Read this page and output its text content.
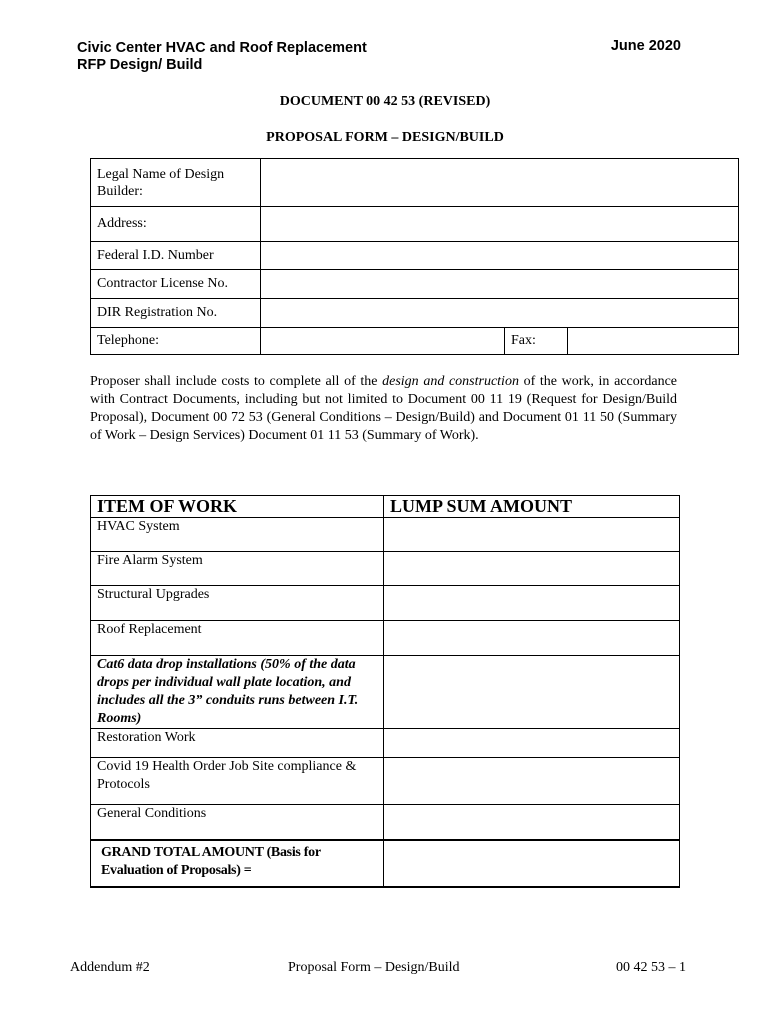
Civic Center HVAC and Roof Replacement
RFP Design/ Build
June 2020
DOCUMENT 00 42 53 (REVISED)
PROPOSAL FORM – DESIGN/BUILD
Legal Name of Design
Builder:			

Address:			
Federal I.D. Number			
Contractor License No.			
DIR Registration No.			
Telephone:		Fax:	
Proposer shall include costs to complete all of the design and construction of the work, in accordance with Contract Documents, including but not limited to Document 00 11 19 (Request for Design/Build Proposal), Document 00 72 53 (General Conditions – Design/Build) and Document 01 11 50 (Summary of Work – Design Services) Document 01 11 53 (Summary of Work).
ITEM OF WORK	LUMP SUM AMOUNT
HVAC System	
Fire Alarm System	
Structural Upgrades	
Roof Replacement	
Cat6 data drop installations (50% of the data drops per individual wall plate location, and includes all the 3” conduits runs between I.T. Rooms)	
Restoration Work	
Covid 19 Health Order Job Site compliance & Protocols	
General Conditions	

GRAND TOTAL AMOUNT (Basis for
Evaluation of Proposals) =	

Addendum #2	Proposal Form – Design/Build	00 42 53 – 1
